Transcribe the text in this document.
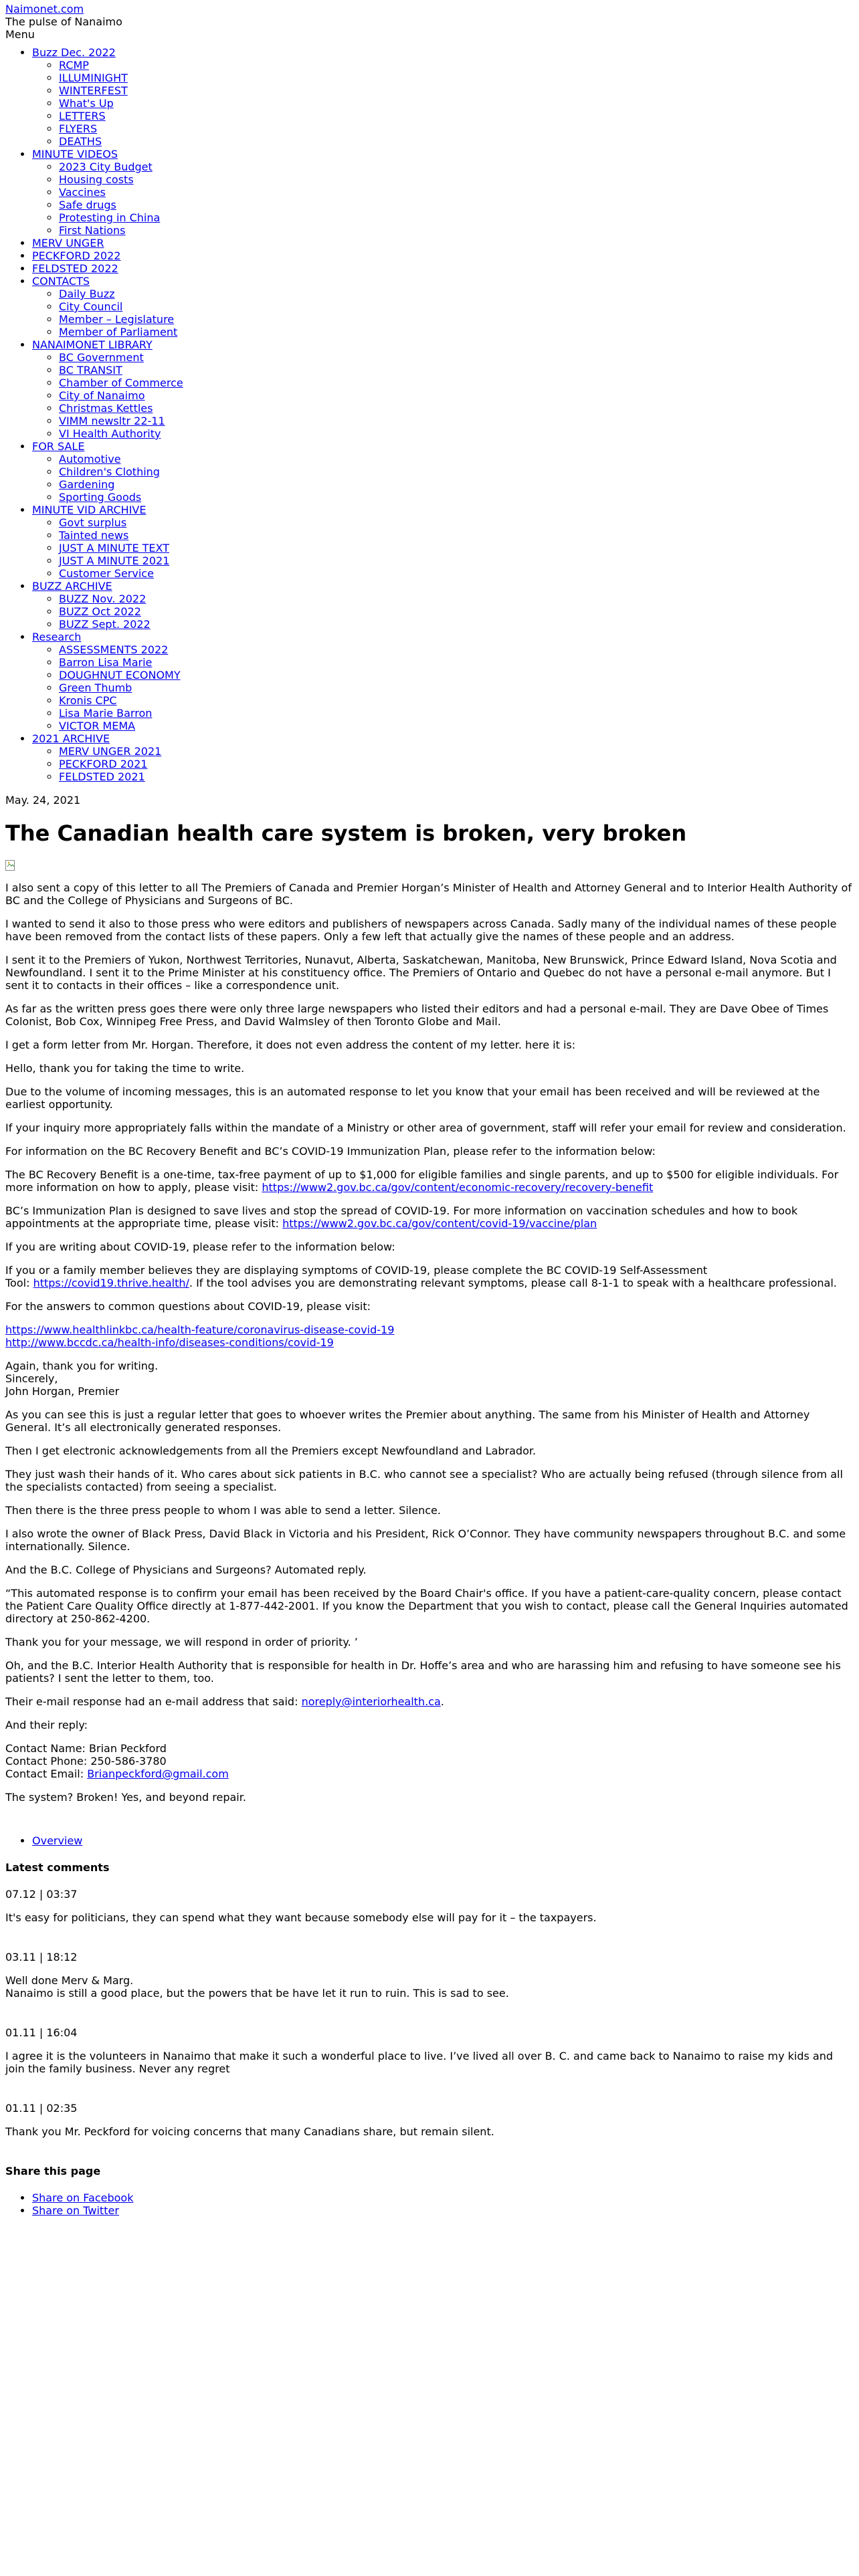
Naimonet.com
The pulse of Nanaimo
Menu
• Buzz Dec. 2022
◦ RCMP
◦ ILLUMINIGHT
◦ WINTERFEST
◦ What's Up
◦ LETTERS
◦ FLYERS
◦ DEATHS
• MINUTE VIDEOS
◦ 2023 City Budget
◦ Housing costs
◦ Vaccines
◦ Safe drugs
◦ Protesting in China
◦ First Nations
• MERV UNGER
• PECKFORD 2022
• FELDSTED 2022
• CONTACTS
◦ Daily Buzz
◦ City Council
◦ Member – Legislature
◦ Member of Parliament
• NANAIMONET LIBRARY
◦ BC Government
◦ BC TRANSIT
◦ Chamber of Commerce
◦ City of Nanaimo
◦ Christmas Kettles
◦ VIMM newsltr 22-11
◦ VI Health Authority
• FOR SALE
◦ Automotive
◦ Children's Clothing
◦ Gardening
◦ Sporting Goods
• MINUTE VID ARCHIVE
◦ Govt surplus
◦ Tainted news
◦ JUST A MINUTE TEXT
◦ JUST A MINUTE 2021
◦ Customer Service
• BUZZ ARCHIVE
◦ BUZZ Nov. 2022
◦ BUZZ Oct 2022
◦ BUZZ Sept. 2022
• Research
◦ ASSESSMENTS 2022
◦ Barron Lisa Marie
◦ DOUGHNUT ECONOMY
◦ Green Thumb
◦ Kronis CPC
◦ Lisa Marie Barron
◦ VICTOR MEMA
• 2021 ARCHIVE
◦ MERV UNGER 2021
◦ PECKFORD 2021
◦ FELDSTED 2021
May. 24, 2021
The Canadian health care system is broken, very broken

I also sent a copy of this letter to all The Premiers of Canada and Premier Horgan’s Minister of Health and Attorney General and to Interior Health Authority of BC and the College of Physicians and Surgeons of BC.

I wanted to send it also to those press who were editors and publishers of newspapers across Canada. Sadly many of the individual names of these people have been removed from the contact lists of these papers. Only a few left that actually give the names of these people and an address.

I sent it to the Premiers of Yukon, Northwest Territories, Nunavut, Alberta, Saskatchewan, Manitoba, New Brunswick, Prince Edward Island, Nova Scotia and Newfoundland. I sent it to the Prime Minister at his constituency office. The Premiers of Ontario and Quebec do not have a personal e-mail anymore. But I sent it to contacts in their offices – like a correspondence unit.

As far as the written press goes there were only three large newspapers who listed their editors and had a personal e-mail. They are Dave Obee of Times Colonist, Bob Cox, Winnipeg Free Press, and David Walmsley of then Toronto Globe and Mail.

I get a form letter from Mr. Horgan. Therefore, it does not even address the content of my letter. here it is:

Hello, thank you for taking the time to write.

Due to the volume of incoming messages, this is an automated response to let you know that your email has been received and will be reviewed at the earliest opportunity.

If your inquiry more appropriately falls within the mandate of a Ministry or other area of government, staff will refer your email for review and consideration.

For information on the BC Recovery Benefit and BC’s COVID-19 Immunization Plan, please refer to the information below:

The BC Recovery Benefit is a one-time, tax-free payment of up to $1,000 for eligible families and single parents, and up to $500 for eligible individuals. For more information on how to apply, please visit: https://www2.gov.bc.ca/gov/content/economic-recovery/recovery-benefit

BC’s Immunization Plan is designed to save lives and stop the spread of COVID-19. For more information on vaccination schedules and how to book appointments at the appropriate time, please visit: https://www2.gov.bc.ca/gov/content/covid-19/vaccine/plan

If you are writing about COVID-19, please refer to the information below:

If you or a family member believes they are displaying symptoms of COVID-19, please complete the BC COVID-19 Self-Assessment
Tool: https://covid19.thrive.health/. If the tool advises you are demonstrating relevant symptoms, please call 8-1-1 to speak with a healthcare professional.

For the answers to common questions about COVID-19, please visit:

https://www.healthlinkbc.ca/health-feature/coronavirus-disease-covid-19
http://www.bccdc.ca/health-info/diseases-conditions/covid-19

Again, thank you for writing.
Sincerely,
John Horgan, Premier

As you can see this is just a regular letter that goes to whoever writes the Premier about anything. The same from his Minister of Health and Attorney General. It’s all electronically generated responses.

Then I get electronic acknowledgements from all the Premiers except Newfoundland and Labrador.

They just wash their hands of it. Who cares about sick patients in B.C. who cannot see a specialist? Who are actually being refused (through silence from all the specialists contacted) from seeing a specialist.

Then there is the three press people to whom I was able to send a letter. Silence.

I also wrote the owner of Black Press, David Black in Victoria and his President, Rick O’Connor. They have community newspapers throughout B.C. and some internationally. Silence.

And the B.C. College of Physicians and Surgeons? Automated reply.

“This automated response is to confirm your email has been received by the Board Chair's office. If you have a patient-care-quality concern, please contact the Patient Care Quality Office directly at 1-877-442-2001. If you know the Department that you wish to contact, please call the General Inquiries automated directory at 250-862-4200.

Thank you for your message, we will respond in order of priority. ’

Oh, and the B.C. Interior Health Authority that is responsible for health in Dr. Hoffe’s area and who are harassing him and refusing to have someone see his patients? I sent the letter to them, too.

Their e-mail response had an e-mail address that said: noreply@interiorhealth.ca.

And their reply:

Contact Name: Brian Peckford
Contact Phone: 250-586-3780
Contact Email: Brianpeckford@gmail.com

The system? Broken! Yes, and beyond repair.

• Overview
Latest comments

07.12 | 03:37

It's easy for politicians, they can spend what they want because somebody else will pay for it – the taxpayers.

03.11 | 18:12

Well done Merv & Marg.
Nanaimo is still a good place, but the powers that be have let it run to ruin. This is sad to see.

01.11 | 16:04

I agree it is the volunteers in Nanaimo that make it such a wonderful place to live. I’ve lived all over B. C. and came back to Nanaimo to raise my kids and join the family business. Never any regret

01.11 | 02:35

Thank you Mr. Peckford for voicing concerns that many Canadians share, but remain silent.

Share this page
• Share on Facebook
• Share on Twitter
